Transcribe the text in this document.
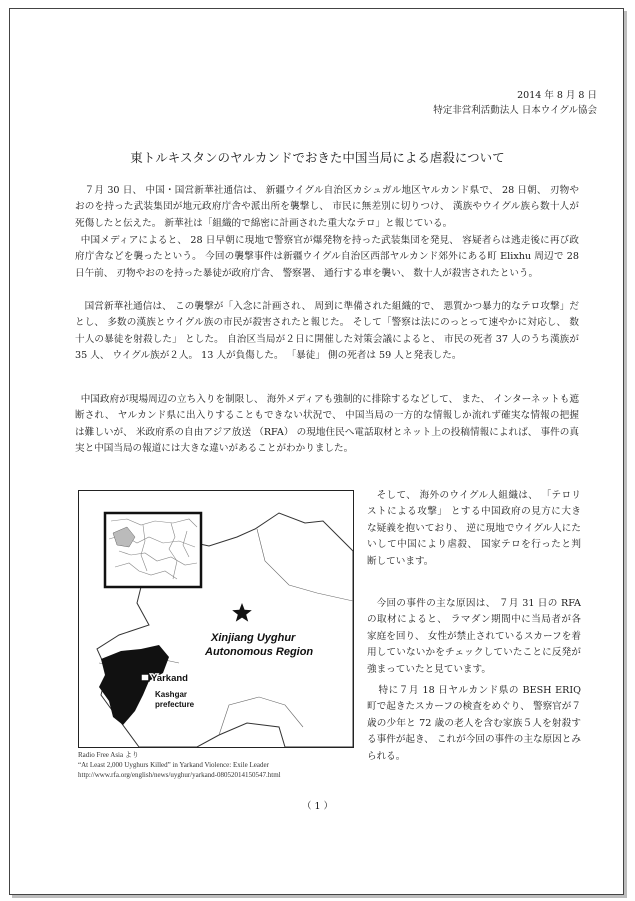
2014 年 8 月 8 日
特定非営利活動法人 日本ウイグル協会
東トルキスタンのヤルカンドでおきた中国当局による虐殺について

７月 30 日、 中国・国営新華社通信は、 新疆ウイグル自治区カシュガル地区ヤルカンド県で、 28 日朝、 刃物やおのを持った武装集団が地元政府庁舎や派出所を襲撃し、 市民に無差別に切りつけ、 漢族やウイグル族ら数十人が死傷したと伝えた。 新華社は「組織的で綿密に計画された重大なテロ」と報じている。

中国メディアによると、 28 日早朝に現地で警察官が爆発物を持った武装集団を発見、 容疑者らは逃走後に再び政府庁舎などを襲ったという。 今回の襲撃事件は新疆ウイグル自治区西部ヤルカンド郊外にある町 Elixhu 周辺で 28 日午前、 刃物やおのを持った暴徒が政府庁舎、 警察署、 通行する車を襲い、 数十人が殺害されたという。

国営新華社通信は、 この襲撃が「入念に計画され、 周到に準備された組織的で、 悪質かつ暴力的なテロ攻撃」だとし、 多数の漢族とウイグル族の市民が殺害されたと報じた。 そして「警察は法にのっとって速やかに対応し、 数十人の暴徒を射殺した」 とした。 自治区当局が２日に開催した対策会議によると、 市民の死者 37 人のうち漢族が 35 人、 ウイグル族が２人。 13 人が負傷した。 「暴徒」 側の死者は 59 人と発表した。

中国政府が現場周辺の立ち入りを制限し、 海外メディアも強制的に排除するなどして、 また、 インターネットも遮断され、 ヤルカンド県に出入りすることもできない状況で、 中国当局の一方的な情報しか流れず確実な情報の把握は難しいが、 米政府系の自由アジア放送 （RFA） の現地住民へ電話取材とネット上の投稿情報によれば、 事件の真実と中国当局の報道には大きな違いがあることがわかりました。

Xinjiang Uyghur
Autonomous Region
Yarkand
Kashgar
prefecture
Radio Free Asia より
“At Least 2,000 Uyghurs Killed” in Yarkand Violence: Exile Leader
http://www.rfa.org/english/news/uyghur/yarkand-08052014150547.html

そして、 海外のウイグル人組織は、 「テロリストによる攻撃」 とする中国政府の見方に大きな疑義を抱いており、 逆に現地でウイグル人にたいして中国により虐殺、 国家テロを行ったと判断しています。

今回の事件の主な原因は、 ７月 31 日の RFA の取材によると、 ラマダン期間中に当局者が各家庭を回り、 女性が禁止されているスカーフを着用していないかをチェックしていたことに反発が強まっていたと見ています。

特に７月 18 日ヤルカンド県の BESH ERIQ 町で起きたスカーフの検査をめぐり、 警察官が７歳の少年と 72 歳の老人を含む家族５人を射殺する事件が起き、 これが今回の事件の主な原因とみられる。

（ 1 ）
